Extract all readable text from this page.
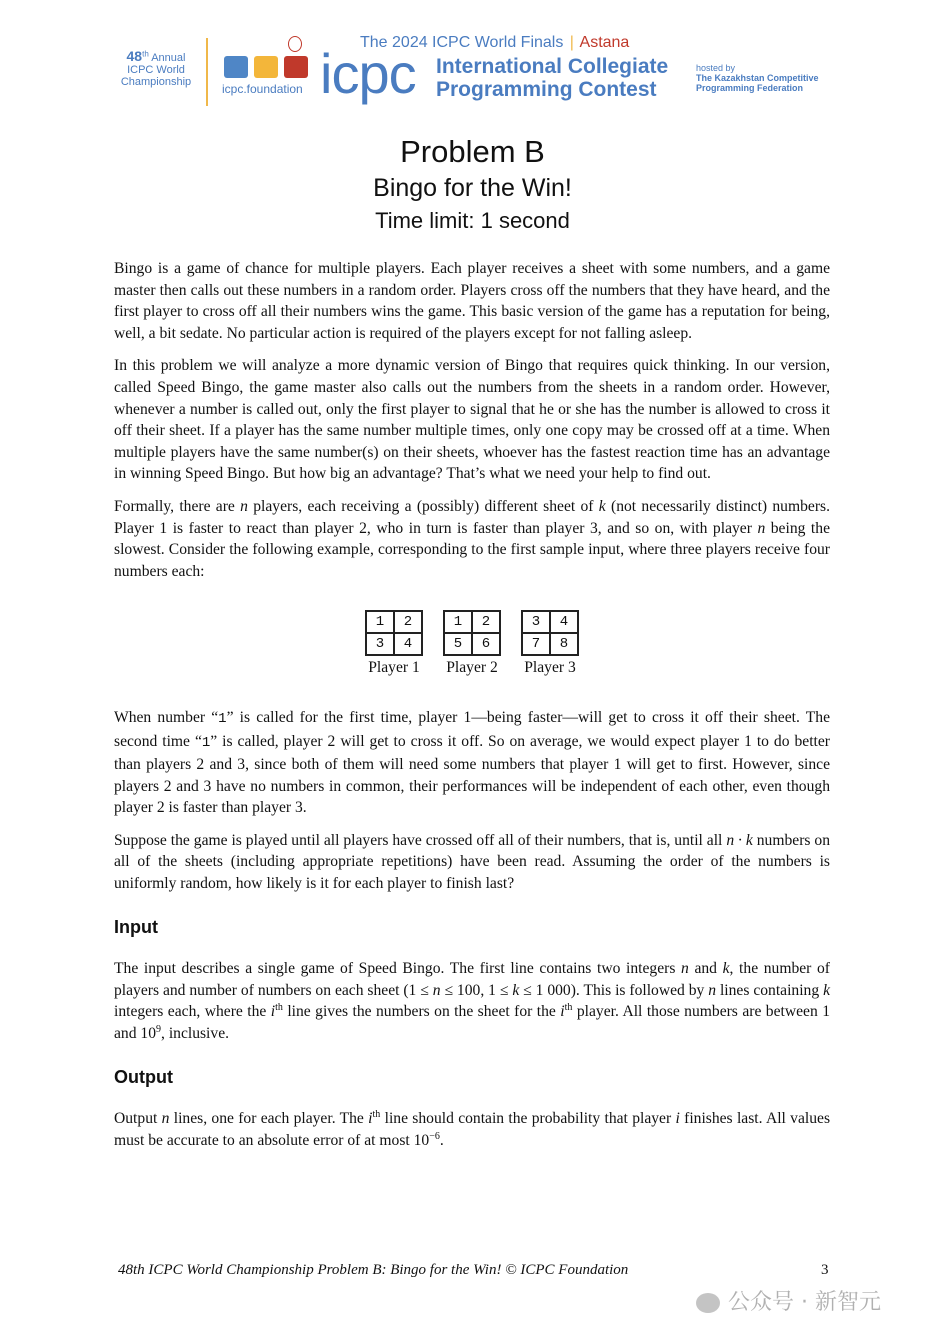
48th Annual
ICPC World
Championship	icpc.foundation icpc
The 2024 ICPC World Finals | Astana
International Collegiate
Programming Contest
hosted by
The Kazakhstan Competitive
Programming Federation
Problem B
Bingo for the Win!
Time limit: 1 second

Bingo is a game of chance for multiple players. Each player receives a sheet with some numbers, and a game master then calls out these numbers in a random order. Players cross off the numbers that they have heard, and the first player to cross off all their numbers wins the game. This basic version of the game has a reputation for being, well, a bit sedate. No particular action is required of the players except for not falling asleep.

In this problem we will analyze a more dynamic version of Bingo that requires quick thinking. In our version, called Speed Bingo, the game master also calls out the numbers from the sheets in a random order. However, whenever a number is called out, only the first player to signal that he or she has the number is allowed to cross it off their sheet. If a player has the same number multiple times, only one copy may be crossed off at a time. When multiple players have the same number(s) on their sheets, whoever has the fastest reaction time has an advantage in winning Speed Bingo. But how big an advantage? That’s what we need your help to find out.

Formally, there are n players, each receiving a (possibly) different sheet of k (not necessarily distinct) numbers. Player 1 is faster to react than player 2, who in turn is faster than player 3, and so on, with player n being the slowest. Consider the following example, corresponding to the first sample input, where three players receive four numbers each:

1	2
3	4
Player 1
1	2
5	6
Player 2
3	4
7	8
Player 3

When number “1” is called for the first time, player 1—being faster—will get to cross it off their sheet. The second time “1” is called, player 2 will get to cross it off. So on average, we would expect player 1 to do better than players 2 and 3, since both of them will need some numbers that player 1 will get to first. However, since players 2 and 3 have no numbers in common, their performances will be independent of each other, even though player 2 is faster than player 3.

Suppose the game is played until all players have crossed off all of their numbers, that is, until all n · k numbers on all of the sheets (including appropriate repetitions) have been read. Assuming the order of the numbers is uniformly random, how likely is it for each player to finish last?

Input

The input describes a single game of Speed Bingo. The first line contains two integers n and k, the number of players and number of numbers on each sheet (1 ≤ n ≤ 100, 1 ≤ k ≤ 1 000). This is followed by n lines containing k integers each, where the $i^{th}$ line gives the numbers on the sheet for the $i^{th}$ player. All those numbers are between 1 and $10^9$, inclusive.

Output

Output n lines, one for each player. The $i^{th}$ line should contain the probability that player i finishes last. All values must be accurate to an absolute error of at most $10^{-6}$.

48th ICPC World Championship Problem B: Bingo for the Win! © ICPC Foundation	3
公众号 · 新智元
